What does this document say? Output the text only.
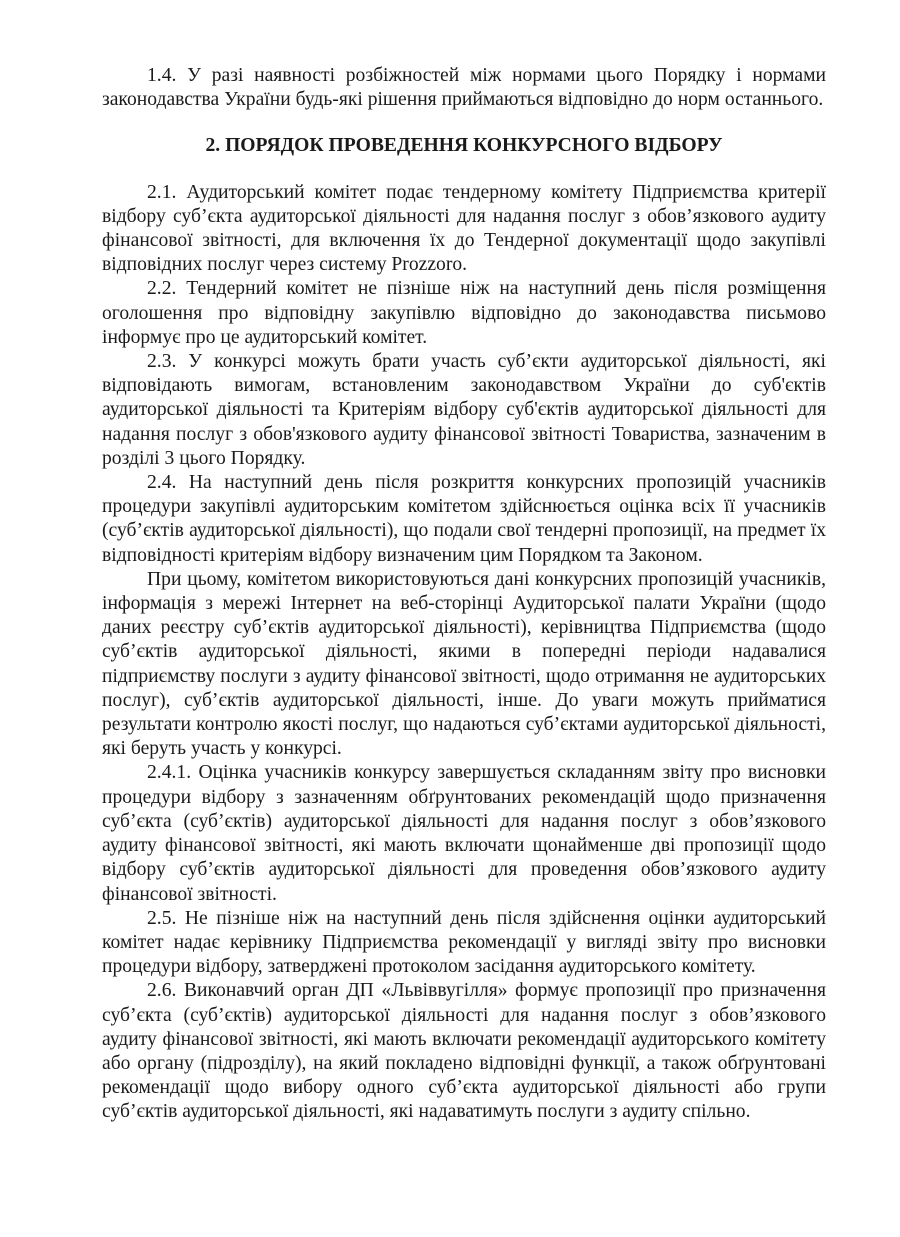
1.4. У разі наявності розбіжностей між нормами цього Порядку і нормами законодавства України будь-які рішення приймаються відповідно до норм останнього.

2. ПОРЯДОК ПРОВЕДЕННЯ КОНКУРСНОГО ВІДБОРУ

2.1. Аудиторський комітет подає тендерному комітету Підприємства критерії відбору суб’єкта аудиторської діяльності для надання послуг з обов’язкового аудиту фінансової звітності, для включення їх до Тендерної документації щодо закупівлі відповідних послуг через систему Prozzoro.

2.2. Тендерний комітет не пізніше ніж на наступний день після розміщення оголошення про відповідну закупівлю відповідно до законодавства письмово інформує про це аудиторський комітет.

2.3. У конкурсі можуть брати участь суб’єкти аудиторської діяльності, які відповідають вимогам, встановленим законодавством України до суб'єктів аудиторської діяльності та Критеріям відбору суб'єктів аудиторської діяльності для надання послуг з обов'язкового аудиту фінансової звітності Товариства, зазначеним в розділі 3 цього Порядку.

2.4. На наступний день після розкриття конкурсних пропозицій учасників процедури закупівлі аудиторським комітетом здійснюється оцінка всіх її учасників (суб’єктів аудиторської діяльності), що подали свої тендерні пропозиції, на предмет їх відповідності критеріям відбору визначеним цим Порядком та Законом.

При цьому, комітетом використовуються дані конкурсних пропозицій учасників, інформація з мережі Інтернет на веб-сторінці Аудиторської палати України (щодо даних реєстру суб’єктів аудиторської діяльності), керівництва Підприємства (щодо суб’єктів аудиторської діяльності, якими в попередні періоди надавалися підприємству послуги з аудиту фінансової звітності, щодо отримання не аудиторських послуг), суб’єктів аудиторської діяльності, інше. До уваги можуть прийматися результати контролю якості послуг, що надаються суб’єктами аудиторської діяльності, які беруть участь у конкурсі.

2.4.1. Оцінка учасників конкурсу завершується складанням звіту про висновки процедури відбору з зазначенням обґрунтованих рекомендацій щодо призначення суб’єкта (суб’єктів) аудиторської діяльності для надання послуг з обов’язкового аудиту фінансової звітності, які мають включати щонайменше дві пропозиції щодо відбору суб’єктів аудиторської діяльності для проведення обов’язкового аудиту фінансової звітності.

2.5. Не пізніше ніж на наступний день після здійснення оцінки аудиторський комітет надає керівнику Підприємства рекомендації у вигляді звіту про висновки процедури відбору, затверджені протоколом засідання аудиторського комітету.

2.6. Виконавчий орган ДП «Львіввугілля» формує пропозиції про призначення суб’єкта (суб’єктів) аудиторської діяльності для надання послуг з обов’язкового аудиту фінансової звітності, які мають включати рекомендації аудиторського комітету або органу (підрозділу), на який покладено відповідні функції, а також обґрунтовані рекомендації щодо вибору одного суб’єкта аудиторської діяльності або групи суб’єктів аудиторської діяльності, які надаватимуть послуги з аудиту спільно.
